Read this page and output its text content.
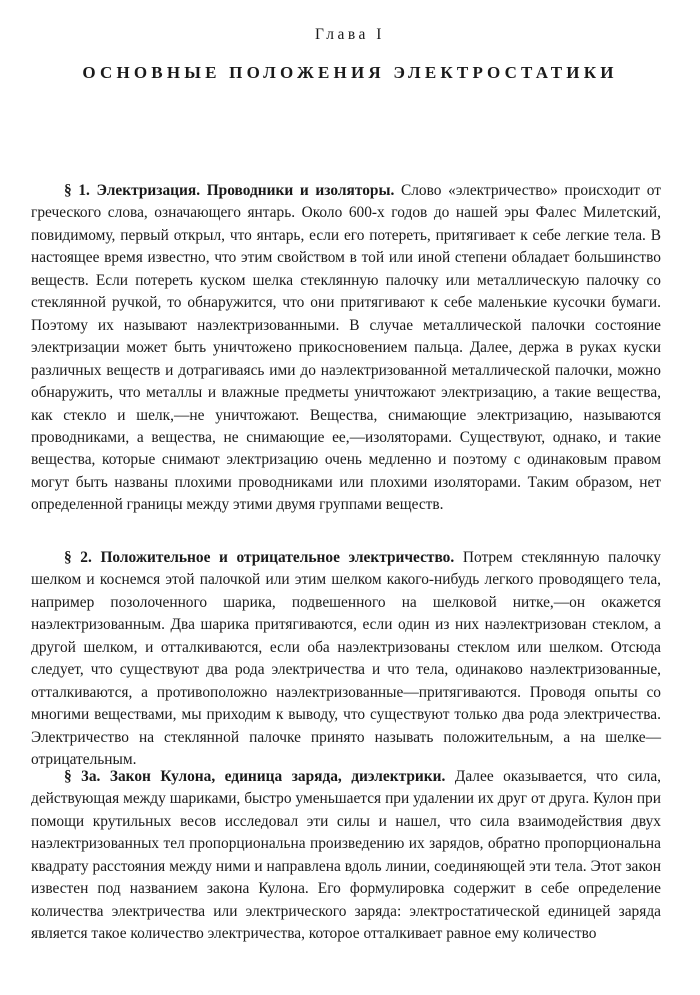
Глава I
ОСНОВНЫЕ ПОЛОЖЕНИЯ ЭЛЕКТРОСТАТИКИ

§ 1. Электризация. Проводники и изоляторы. Слово «электричество» происходит от греческого слова, означающего янтарь. Около 600-х годов до нашей эры Фалес Милетский, повидимому, первый открыл, что янтарь, если его потереть, притягивает к себе легкие тела. В настоящее время известно, что этим свойством в той или иной степени обладает большинство веществ. Если потереть куском шелка стеклянную палочку или металлическую палочку со стеклянной ручкой, то обнаружится, что они притягивают к себе маленькие кусочки бумаги. Поэтому их называют наэлектризованными. В случае металлической палочки состояние электризации может быть уничтожено прикосновением пальца. Далее, держа в руках куски различных веществ и дотрагиваясь ими до наэлектризованной металлической палочки, можно обнаружить, что металлы и влажные предметы уничтожают электризацию, а такие вещества, как стекло и шелк,—не уничтожают. Вещества, снимающие электризацию, называются проводниками, а вещества, не снимающие ее,—изоляторами. Существуют, однако, и такие вещества, которые снимают электризацию очень медленно и поэтому с одинаковым правом могут быть названы плохими проводниками или плохими изоляторами. Таким образом, нет определенной границы между этими двумя группами веществ.

§ 2. Положительное и отрицательное электричество. Потрем стеклянную палочку шелком и коснемся этой палочкой или этим шелком какого-нибудь легкого проводящего тела, например позолоченного шарика, подвешенного на шелковой нитке,—он окажется наэлектризованным. Два шарика притягиваются, если один из них наэлектризован стеклом, а другой шелком, и отталкиваются, если оба наэлектризованы стеклом или шелком. Отсюда следует, что существуют два рода электричества и что тела, одинаково наэлектризованные, отталкиваются, а противоположно наэлектризованные—притягиваются. Проводя опыты со многими веществами, мы приходим к выводу, что существуют только два рода электричества. Электричество на стеклянной палочке принято называть положительным, а на шелке—отрицательным.

§ 3а. Закон Кулона, единица заряда, диэлектрики. Далее оказывается, что сила, действующая между шариками, быстро уменьшается при удалении их друг от друга. Кулон при помощи крутильных весов исследовал эти силы и нашел, что сила взаимодействия двух наэлектризованных тел пропорциональна произведению их зарядов, обратно пропорциональна квадрату расстояния между ними и направлена вдоль линии, соединяющей эти тела. Этот закон известен под названием закона Кулона. Его формулировка содержит в себе определение количества электричества или электрического заряда: электростатической единицей заряда является такое количество электричества, которое отталкивает равное ему количество
